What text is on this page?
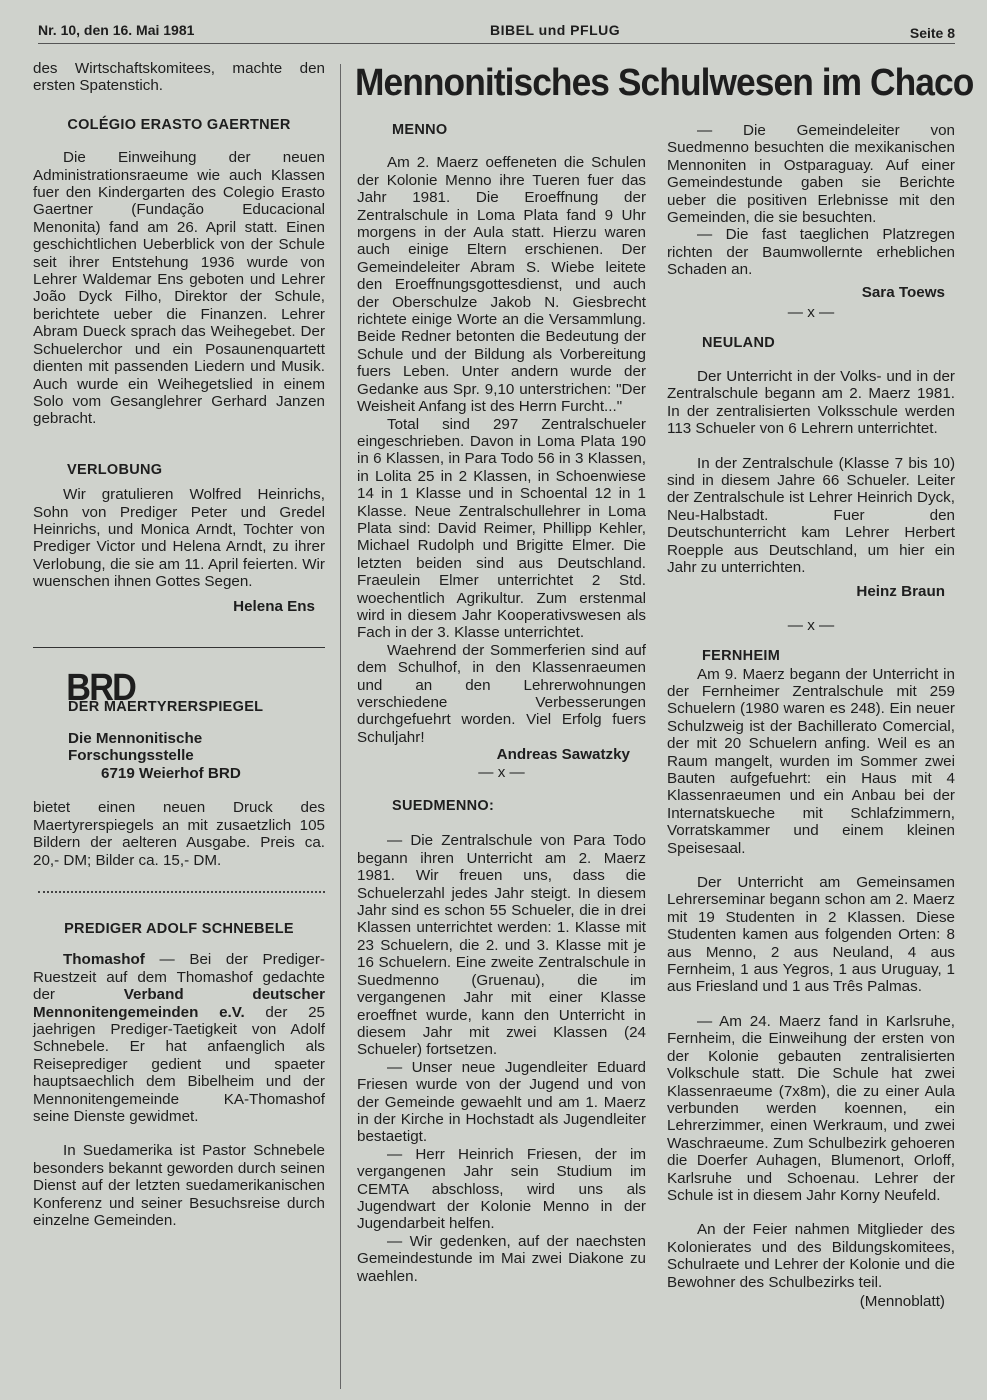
Nr. 10, den 16. Mai 1981	BIBEL und PFLUG	Seite 8

des Wirtschaftskomitees, machte den ersten Spatenstich.

COLÉGIO ERASTO GAERTNER

Die Einweihung der neuen Administrationsraeume wie auch Klassen fuer den Kindergarten des Colegio Erasto Gaertner (Fundação Educacional Menonita) fand am 26. April statt. Einen geschichtlichen Ueberblick von der Schule seit ihrer Entstehung 1936 wurde von Lehrer Waldemar Ens geboten und Lehrer João Dyck Filho, Direktor der Schule, berichtete ueber die Finanzen. Lehrer Abram Dueck sprach das Weihegebet. Der Schuelerchor und ein Posaunenquartett dienten mit passenden Liedern und Musik. Auch wurde ein Weihegetslied in einem Solo vom Gesanglehrer Gerhard Janzen gebracht.

VERLOBUNG

Wir gratulieren Wolfred Heinrichs, Sohn von Prediger Peter und Gredel Heinrichs, und Monica Arndt, Tochter von Prediger Victor und Helena Arndt, zu ihrer Verlobung, die sie am 11. April feierten. Wir wuenschen ihnen Gottes Segen.

Helena Ens
BRD
DER MAERTYRERSPIEGEL
Die Mennonitische
Forschungsstelle
6719 Weierhof BRD

bietet einen neuen Druck des Maertyrerspiegels an mit zusaetzlich 105 Bildern der aelteren Ausgabe. Preis ca. 20,- DM; Bilder ca. 15,- DM.

PREDIGER ADOLF SCHNEBELE

Thomashof — Bei der Prediger-Ruestzeit auf dem Thomashof gedachte der Verband deutscher Mennonitengemeinden e.V. der 25 jaehrigen Prediger-Taetigkeit von Adolf Schnebele. Er hat anfaenglich als Reiseprediger gedient und spaeter hauptsaechlich dem Bibelheim und der Mennonitengemeinde KA-Thomashof seine Dienste gewidmet.

In Suedamerika ist Pastor Schnebele besonders bekannt geworden durch seinen Dienst auf der letzten suedamerikanischen Konferenz und seiner Besuchsreise durch einzelne Gemeinden.

Mennonitisches Schulwesen im Chaco
MENNO

Am 2. Maerz oeffeneten die Schulen der Kolonie Menno ihre Tueren fuer das Jahr 1981. Die Eroeffnung der Zentralschule in Loma Plata fand 9 Uhr morgens in der Aula statt. Hierzu waren auch einige Eltern erschienen. Der Gemeindeleiter Abram S. Wiebe leitete den Eroeffnungsgottesdienst, und auch der Oberschulze Jakob N. Giesbrecht richtete einige Worte an die Versammlung. Beide Redner betonten die Bedeutung der Schule und der Bildung als Vorbereitung fuers Leben. Unter andern wurde der Gedanke aus Spr. 9,10 unterstrichen: "Der Weisheit Anfang ist des Herrn Furcht..."

Total sind 297 Zentralschueler eingeschrieben. Davon in Loma Plata 190 in 6 Klassen, in Para Todo 56 in 3 Klassen, in Lolita 25 in 2 Klassen, in Schoenwiese 14 in 1 Klasse und in Schoental 12 in 1 Klasse. Neue Zentralschullehrer in Loma Plata sind: David Reimer, Phillipp Kehler, Michael Rudolph und Brigitte Elmer. Die letzten beiden sind aus Deutschland. Fraeulein Elmer unterrichtet 2 Std. woechentlich Agrikultur. Zum erstenmal wird in diesem Jahr Kooperativswesen als Fach in der 3. Klasse unterrichtet.

Waehrend der Sommerferien sind auf dem Schulhof, in den Klassenraeumen und an den Lehrerwohnungen verschiedene Verbesserungen durchgefuehrt worden. Viel Erfolg fuers Schuljahr!

Andreas Sawatzky
— x —
SUEDMENNO:

— Die Zentralschule von Para Todo begann ihren Unterricht am 2. Maerz 1981. Wir freuen uns, dass die Schuelerzahl jedes Jahr steigt. In diesem Jahr sind es schon 55 Schueler, die in drei Klassen unterrichtet werden: 1. Klasse mit 23 Schuelern, die 2. und 3. Klasse mit je 16 Schuelern. Eine zweite Zentralschule in Suedmenno (Gruenau), die im vergangenen Jahr mit einer Klasse eroeffnet wurde, kann den Unterricht in diesem Jahr mit zwei Klassen (24 Schueler) fortsetzen.

— Unser neue Jugendleiter Eduard Friesen wurde von der Jugend und von der Gemeinde gewaehlt und am 1. Maerz in der Kirche in Hochstadt als Jugendleiter bestaetigt.

— Herr Heinrich Friesen, der im vergangenen Jahr sein Studium im CEMTA abschloss, wird uns als Jugendwart der Kolonie Menno in der Jugendarbeit helfen.

— Wir gedenken, auf der naechsten Gemeindestunde im Mai zwei Diakone zu waehlen.

— Die Gemeindeleiter von Suedmenno besuchten die mexikanischen Mennoniten in Ostparaguay. Auf einer Gemeindestunde gaben sie Berichte ueber die positiven Erlebnisse mit den Gemeinden, die sie besuchten.

— Die fast taeglichen Platzregen richten der Baumwollernte erheblichen Schaden an.

Sara Toews
— x —
NEULAND

Der Unterricht in der Volks- und in der Zentralschule begann am 2. Maerz 1981. In der zentralisierten Volksschule werden 113 Schueler von 6 Lehrern unterrichtet.

In der Zentralschule (Klasse 7 bis 10) sind in diesem Jahre 66 Schueler. Leiter der Zentralschule ist Lehrer Heinrich Dyck, Neu-Halbstadt. Fuer den Deutschunterricht kam Lehrer Herbert Roepple aus Deutschland, um hier ein Jahr zu unterrichten.

Heinz Braun
— x —
FERNHEIM

Am 9. Maerz begann der Unterricht in der Fernheimer Zentralschule mit 259 Schuelern (1980 waren es 248). Ein neuer Schulzweig ist der Bachillerato Comercial, der mit 20 Schuelern anfing. Weil es an Raum mangelt, wurden im Sommer zwei Bauten aufgefuehrt: ein Haus mit 4 Klassenraeumen und ein Anbau bei der Internatskueche mit Schlafzimmern, Vorratskammer und einem kleinen Speisesaal.

Der Unterricht am Gemeinsamen Lehrerseminar begann schon am 2. Maerz mit 19 Studenten in 2 Klassen. Diese Studenten kamen aus folgenden Orten: 8 aus Menno, 2 aus Neuland, 4 aus Fernheim, 1 aus Yegros, 1 aus Uruguay, 1 aus Friesland und 1 aus Três Palmas.

— Am 24. Maerz fand in Karlsruhe, Fernheim, die Einweihung der ersten von der Kolonie gebauten zentralisierten Volkschule statt. Die Schule hat zwei Klassenraeume (7x8m), die zu einer Aula verbunden werden koennen, ein Lehrerzimmer, einen Werkraum, und zwei Waschraeume. Zum Schulbezirk gehoeren die Doerfer Auhagen, Blumenort, Orloff, Karlsruhe und Schoenau. Lehrer der Schule ist in diesem Jahr Korny Neufeld.

An der Feier nahmen Mitglieder des Kolonierates und des Bildungskomitees, Schulraete und Lehrer der Kolonie und die Bewohner des Schulbezirks teil.

(Mennoblatt)
